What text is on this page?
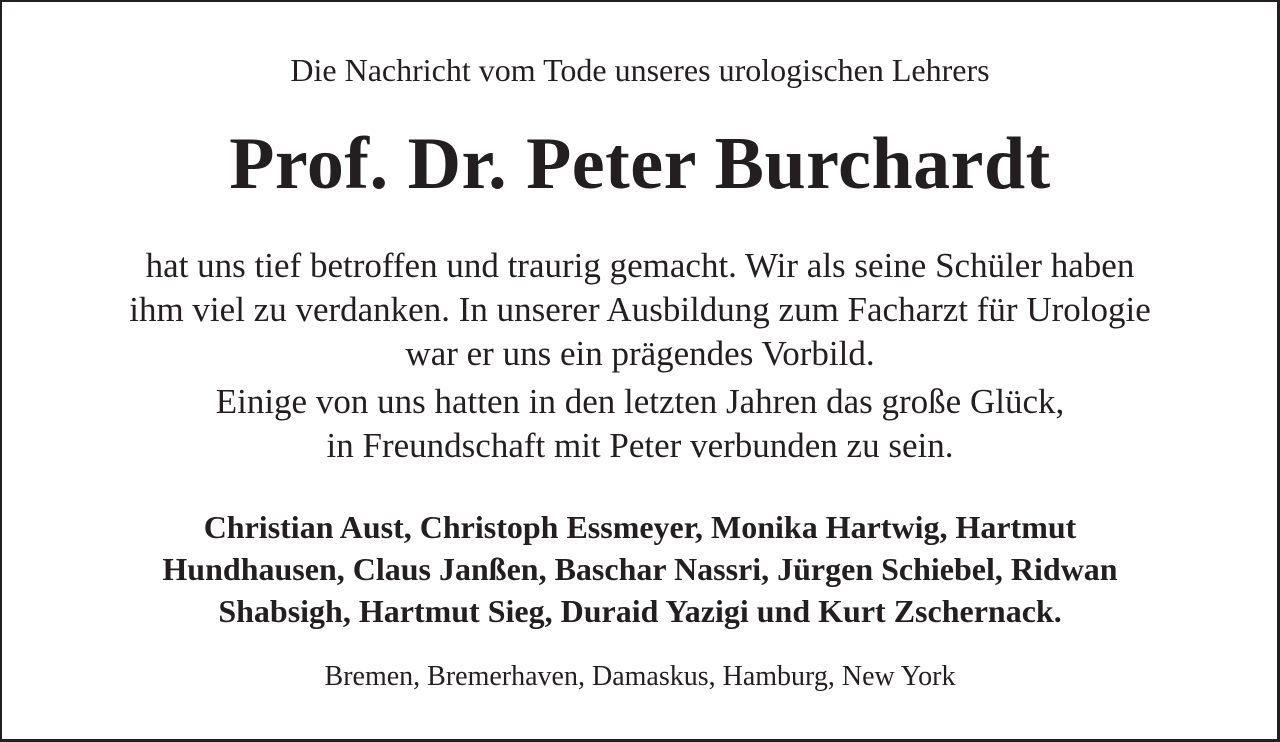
Die Nachricht vom Tode unseres urologischen Lehrers

Prof. Dr. Peter Burchardt

hat uns tief betroffen und traurig gemacht. Wir als seine Schüler haben

ihm viel zu verdanken. In unserer Ausbildung zum Facharzt für Urologie

war er uns ein prägendes Vorbild.

Einige von uns hatten in den letzten Jahren das große Glück,

in Freundschaft mit Peter verbunden zu sein.

Christian Aust, Christoph Essmeyer, Monika Hartwig, Hartmut

Hundhausen, Claus Janßen, Baschar Nassri, Jürgen Schiebel, Ridwan

Shabsigh, Hartmut Sieg, Duraid Yazigi und Kurt Zschernack.

Bremen, Bremerhaven, Damaskus, Hamburg, New York
